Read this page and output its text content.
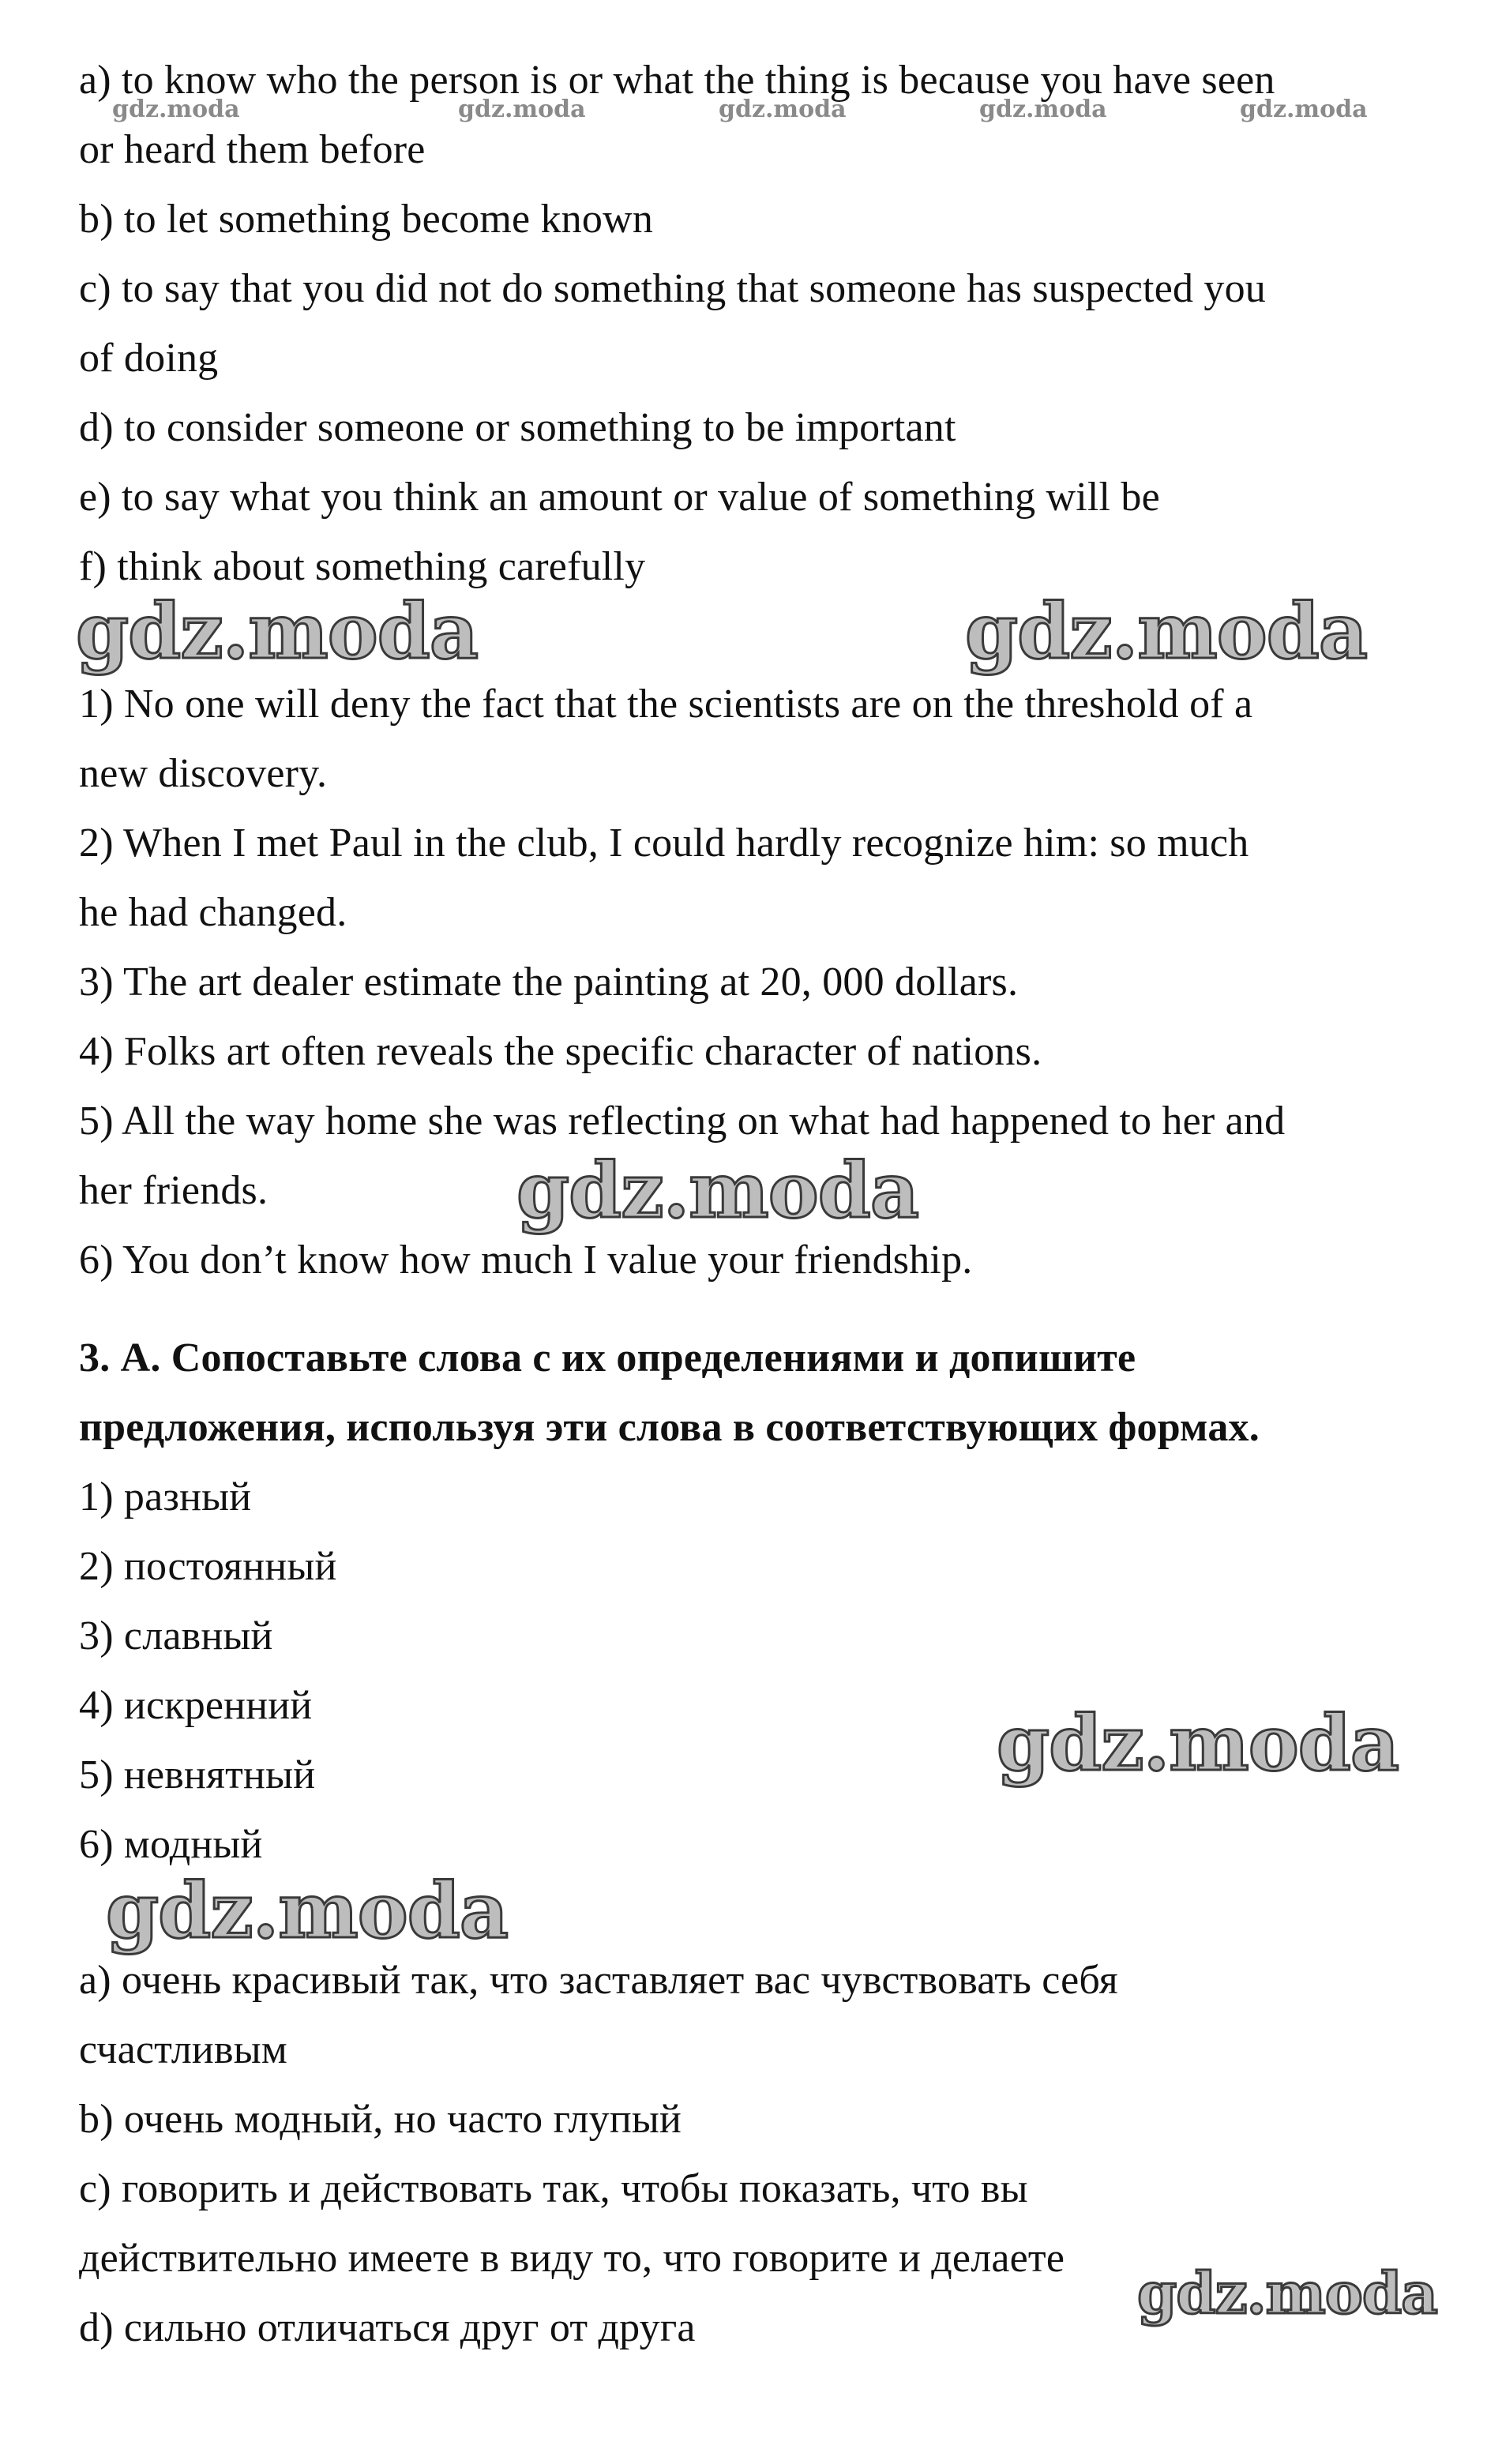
gdz.moda	gdz.moda	gdz.moda	gdz.moda	gdz.moda
a) to know who the person is or what the thing is because you have seen
or heard them before
b) to let something become known
c) to say that you did not do something that someone has suspected you
of doing
d) to consider someone or something to be important
e) to say what you think an amount or value of something will be
f) think about something carefully
gdz.moda	gdz.moda
1) No one will deny the fact that the scientists are on the threshold of a
new discovery.
2) When I met Paul in the club, I could hardly recognize him: so much
he had changed.
3) The art dealer estimate the painting at 20, 000 dollars.
4) Folks art often reveals the specific character of nations.
5) All the way home she was reflecting on what had happened to her and
her friends.	gdz.moda
6) You don’t know how much I value your friendship.
3. А. Сопоставьте слова с их определениями и допишите
предложения, используя эти слова в соответствующих формах.
1) разный
2) постоянный
3) славный
4) искренний
5) невнятный
6) модный
gdz.moda
gdz.moda
a) очень красивый так, что заставляет вас чувствовать себя
счастливым
b) очень модный, но часто глупый
c) говорить и действовать так, чтобы показать, что вы
действительно имеете в виду то, что говорите и делаете
d) сильно отличаться друг от друга
gdz.moda
